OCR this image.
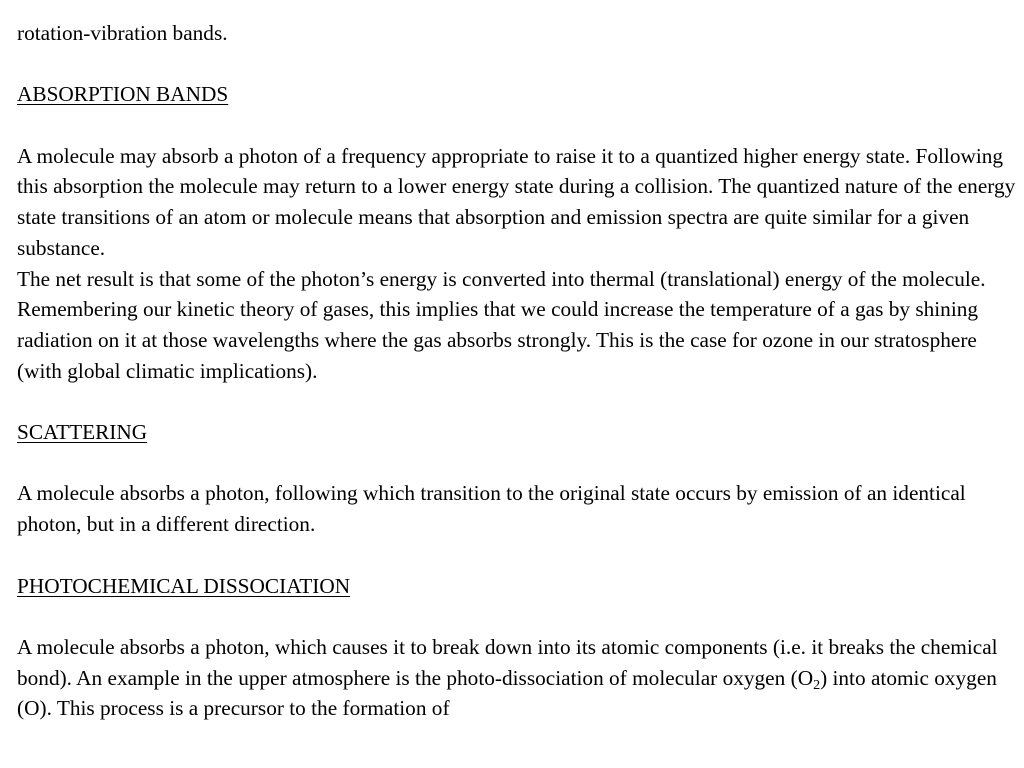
rotation-vibration bands.

ABSORPTION BANDS

A molecule may absorb a photon of a frequency appropriate to raise it to a quantized higher energy state. Following this absorption the molecule may return to a lower energy state during a collision. The quantized nature of the energy state transitions of an atom or molecule means that absorption and emission spectra are quite similar for a given substance.

The net result is that some of the photon’s energy is converted into thermal (translational) energy of the molecule. Remembering our kinetic theory of gases, this implies that we could increase the temperature of a gas by shining radiation on it at those wavelengths where the gas absorbs strongly. This is the case for ozone in our stratosphere (with global climatic implications).

SCATTERING

A molecule absorbs a photon, following which transition to the original state occurs by emission of an identical photon, but in a different direction.

PHOTOCHEMICAL DISSOCIATION

A molecule absorbs a photon, which causes it to break down into its atomic components (i.e. it breaks the chemical bond). An example in the upper atmosphere is the photo-dissociation of molecular oxygen $(O_2)$ into atomic oxygen (O). This process is a precursor to the formation of
